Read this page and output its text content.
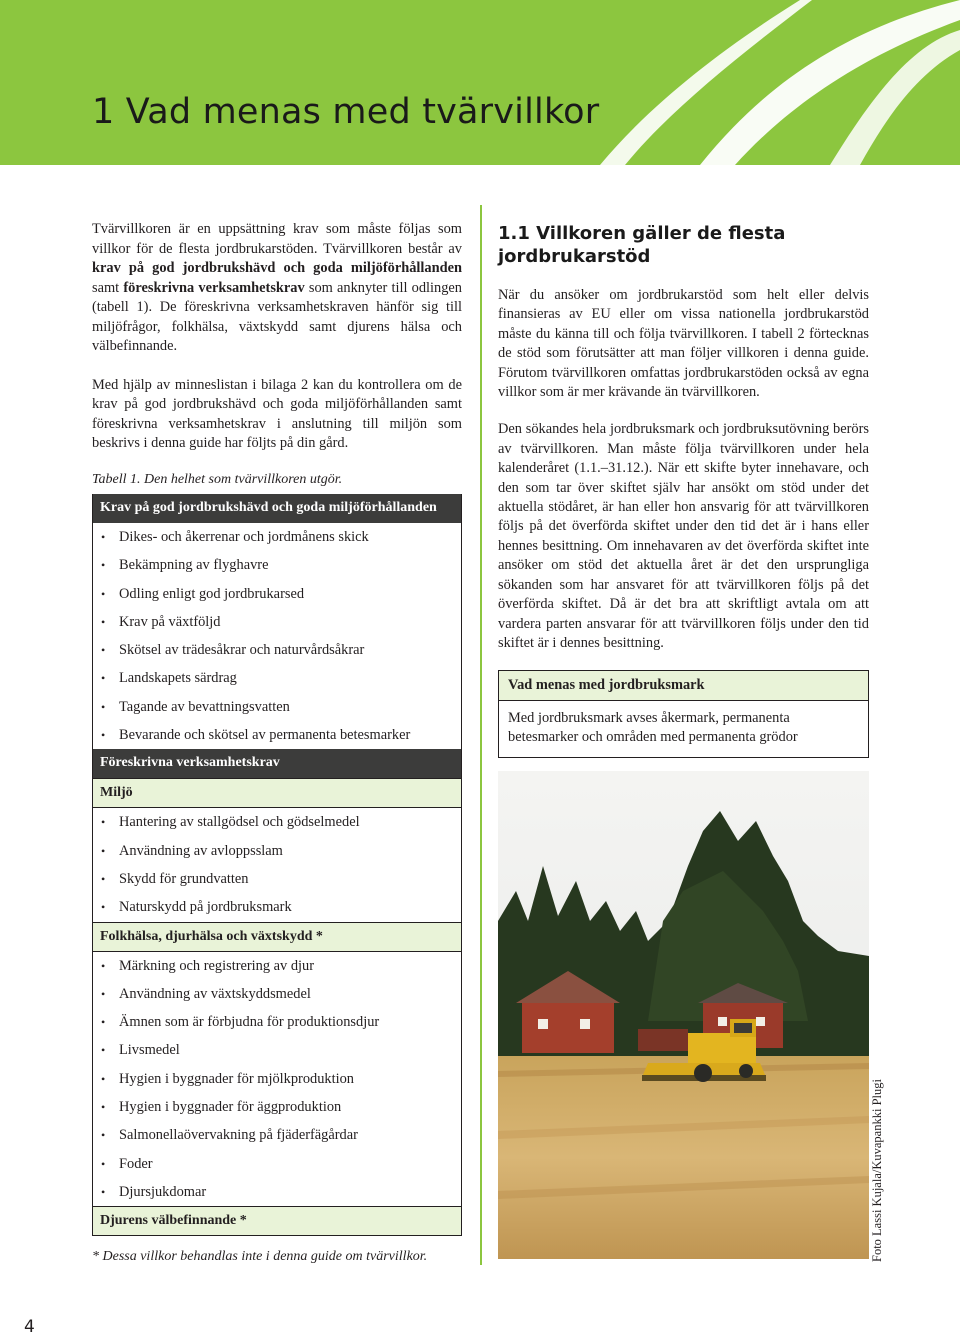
1 Vad menas med tvärvillkor

Tvärvillkoren är en uppsättning krav som måste följas som villkor för de flesta jordbrukarstöden. Tvärvillkoren består av krav på god jordbrukshävd och goda miljöförhållanden samt föreskrivna verksamhetskrav som anknyter till odlingen (tabell 1). De föreskrivna verksamhetskraven hänför sig till miljöfrågor, folkhälsa, växtskydd samt djurens hälsa och välbefinnande.

Med hjälp av minneslistan i bilaga 2 kan du kontrollera om de krav på god jordbrukshävd och goda miljöförhållanden samt föreskrivna verksamhetskrav i anslutning till miljön som beskrivs i denna guide har följts på din gård.

Tabell 1. Den helhet som tvärvillkoren utgör.

Krav på god jordbrukshävd och goda miljöförhållanden
• Dikes- och åkerrenar och jordmånens skick
• Bekämpning av flyghavre
• Odling enligt god jordbrukarsed
• Krav på växtföljd
• Skötsel av trädesåkrar och naturvårdsåkrar
• Landskapets särdrag
• Tagande av bevattningsvatten
• Bevarande och skötsel av permanenta betesmarker
Föreskrivna verksamhetskrav
Miljö
• Hantering av stallgödsel och gödselmedel
• Användning av avloppsslam
• Skydd för grundvatten
• Naturskydd på jordbruksmark
Folkhälsa, djurhälsa och växtskydd *
• Märkning och registrering av djur
• Användning av växtskyddsmedel
• Ämnen som är förbjudna för produktionsdjur
• Livsmedel
• Hygien i byggnader för mjölkproduktion
• Hygien i byggnader för äggproduktion
• Salmonellaövervakning på fjäderfägårdar
• Foder
• Djursjukdomar
Djurens välbefinnande *
* Dessa villkor behandlas inte i denna guide om tvärvillkor.
1.1 Villkoren gäller de flesta jordbrukarstöd

När du ansöker om jordbrukarstöd som helt eller delvis finansieras av EU eller om vissa nationella jordbrukarstöd måste du känna till och följa tvärvillkoren. I tabell 2 förtecknas de stöd som förutsätter att man följer villkoren i denna guide. Förutom tvärvillkoren omfattas jordbrukarstöden också av egna villkor som är mer krävande än tvärvillkoren.

Den sökandes hela jordbruksmark och jordbruksutövning berörs av tvärvillkoren. Man måste följa tvärvillkoren under hela kalenderåret (1.1.–31.12.). När ett skifte byter innehavare, och den som tar över skiftet själv har ansökt om stöd under det aktuella stödåret, är han eller hon ansvarig för att tvärvillkoren följs på det överförda skiftet under den tid det är i hans eller hennes besittning. Om innehavaren av det överförda skiftet inte ansöker om stöd det aktuella året är det den ursprungliga sökanden som har ansvaret för att tvärvillkoren följs på det överförda skiftet. Då är det bra att skriftligt avtala om att vardera parten ansvarar för att tvärvillkoren följs under den tid skiftet är i dennes besittning.

Vad menas med jordbruksmark
Med jordbruksmark avses åkermark, permanenta betesmarker och områden med permanenta grödor
Foto Lassi Kujala/Kuvapankki Plugi
4
